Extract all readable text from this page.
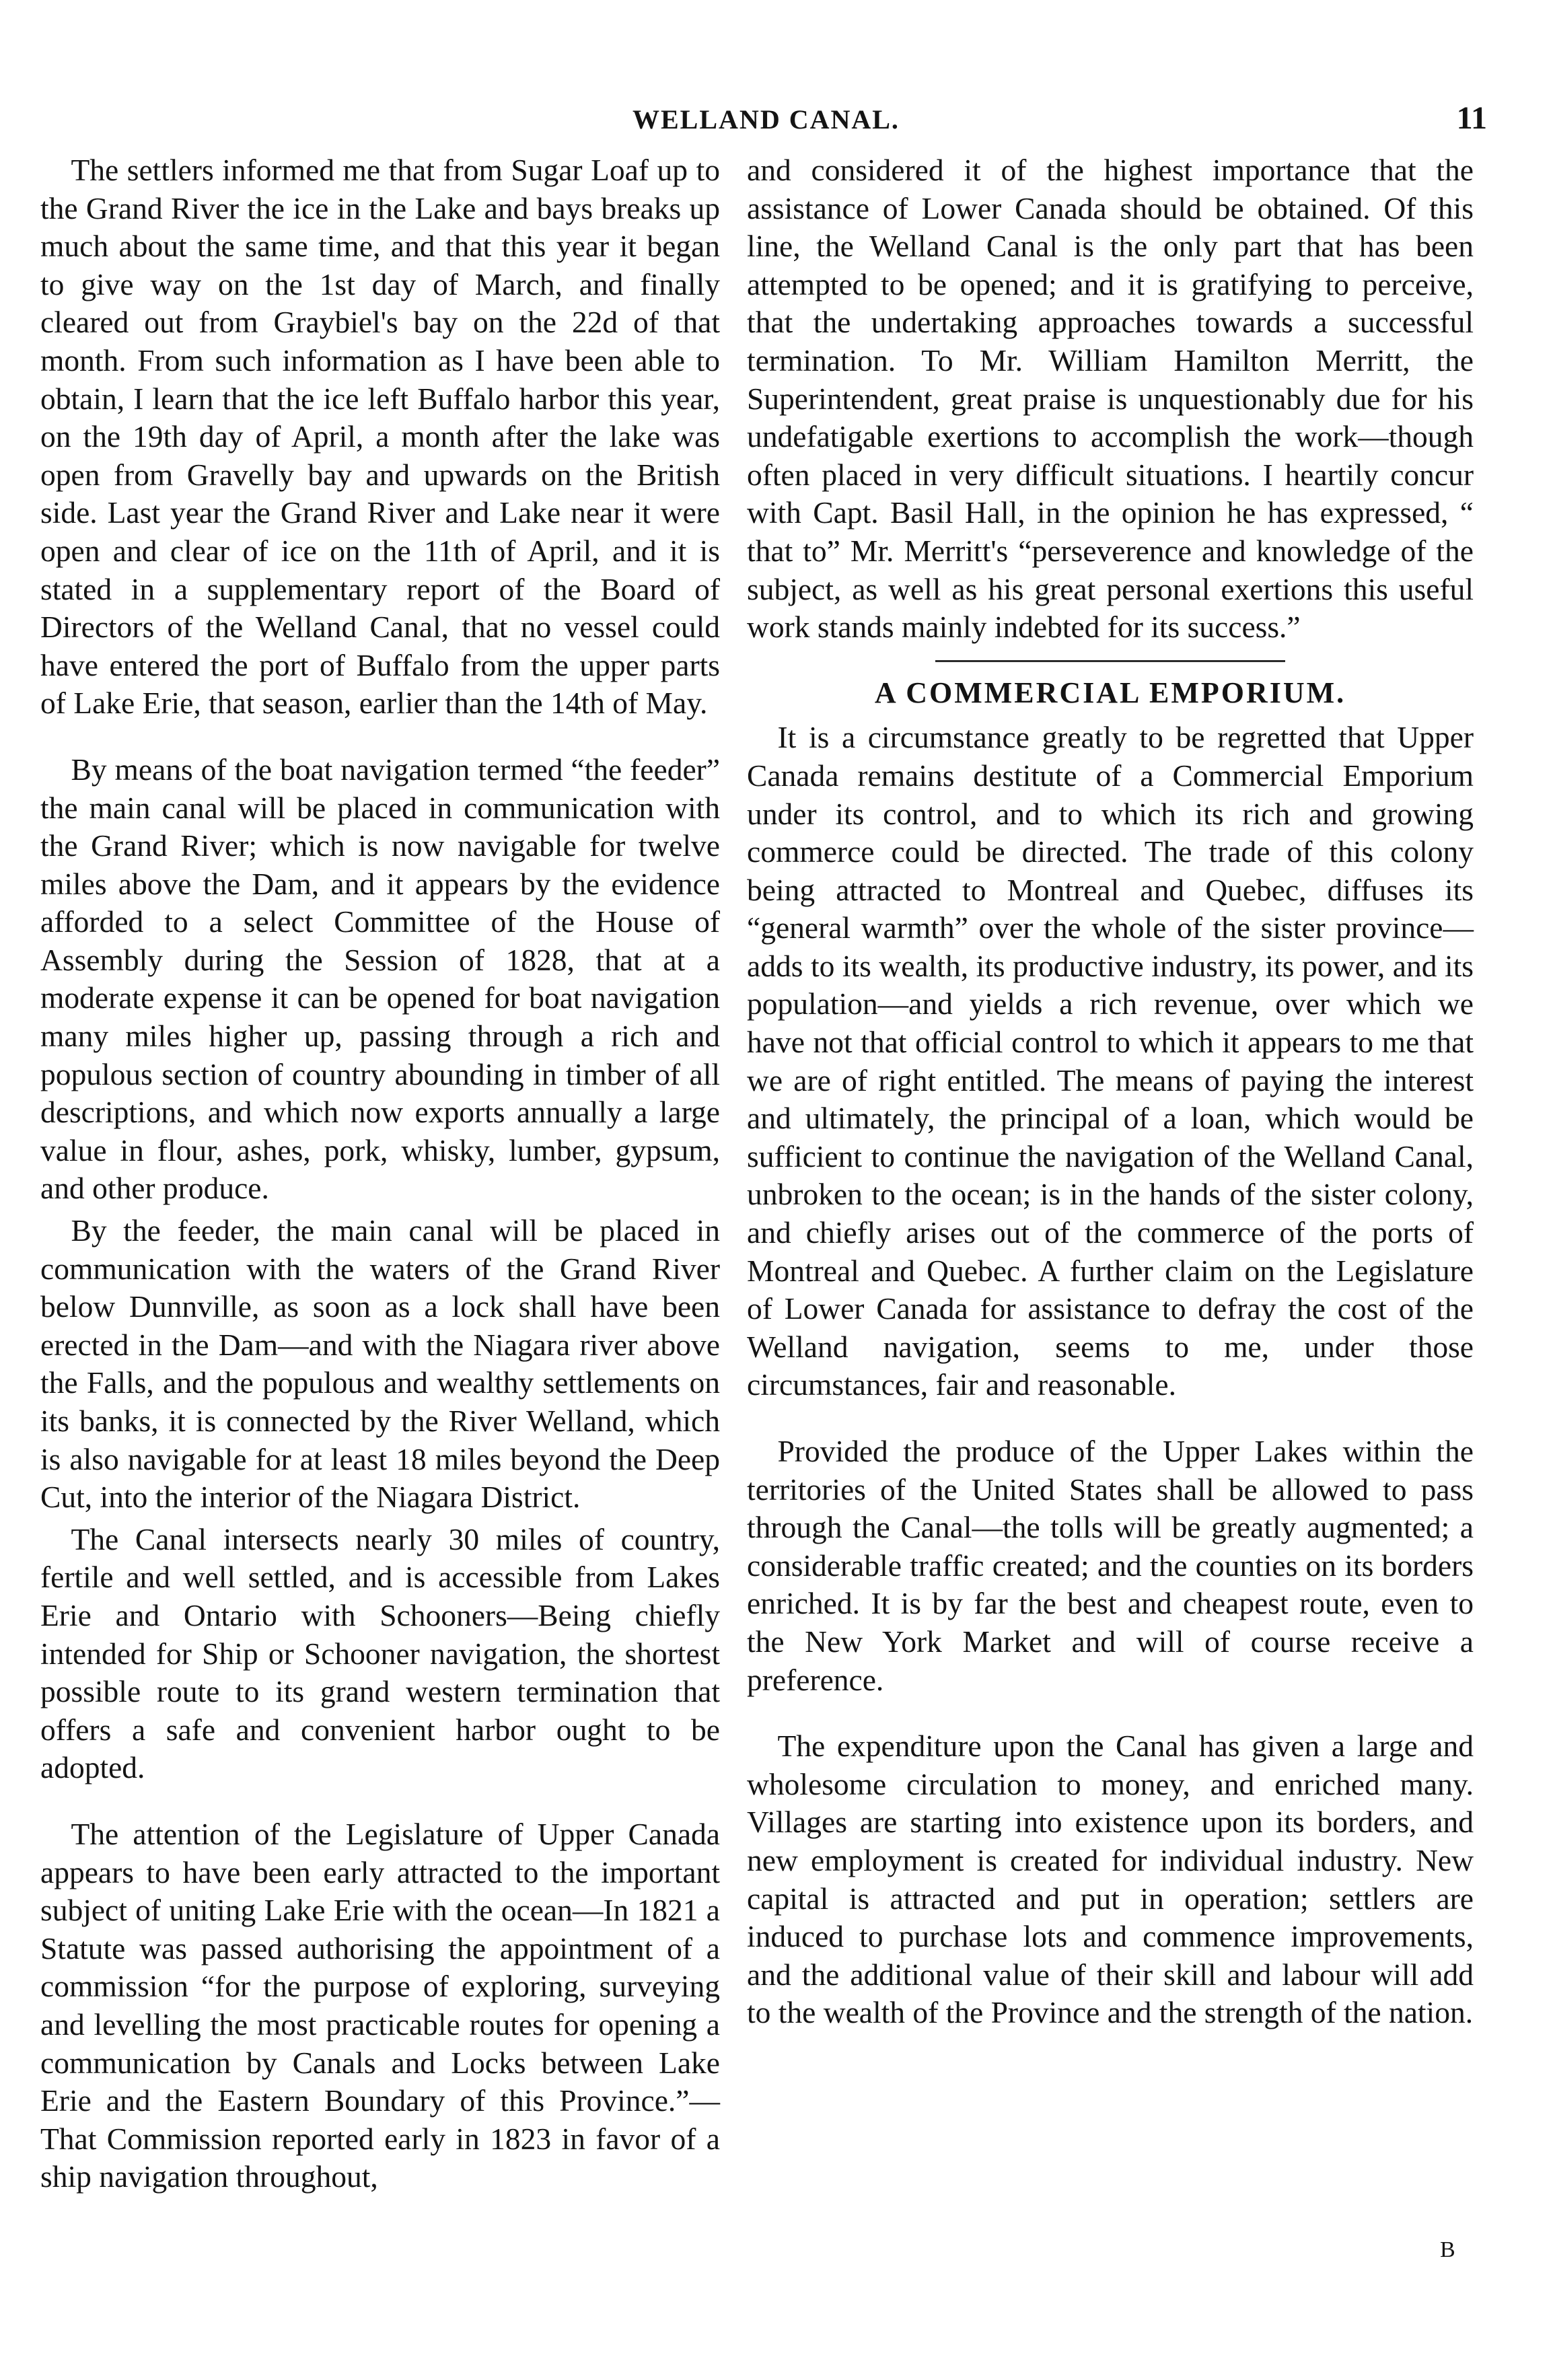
WELLAND CANAL.	11

The settlers informed me that from Sugar Loaf up to the Grand River the ice in the Lake and bays breaks up much about the same time, and that this year it began to give way on the 1st day of March, and finally cleared out from Graybiel's bay on the 22d of that month. From such information as I have been able to obtain, I learn that the ice left Buffalo harbor this year, on the 19th day of April, a month after the lake was open from Gravelly bay and upwards on the British side. Last year the Grand River and Lake near it were open and clear of ice on the 11th of April, and it is stated in a supplementary report of the Board of Directors of the Welland Canal, that no vessel could have entered the port of Buffalo from the upper parts of Lake Erie, that season, earlier than the 14th of May.

By means of the boat navigation termed “the feeder” the main canal will be placed in communication with the Grand River; which is now navigable for twelve miles above the Dam, and it appears by the evidence afforded to a select Committee of the House of Assembly during the Session of 1828, that at a moderate expense it can be opened for boat navigation many miles higher up, passing through a rich and populous section of country abounding in timber of all descriptions, and which now exports annually a large value in flour, ashes, pork, whisky, lumber, gypsum, and other produce.

By the feeder, the main canal will be placed in communication with the waters of the Grand River below Dunnville, as soon as a lock shall have been erected in the Dam—and with the Niagara river above the Falls, and the populous and wealthy settlements on its banks, it is connected by the River Welland, which is also navigable for at least 18 miles beyond the Deep Cut, into the interior of the Niagara District.

The Canal intersects nearly 30 miles of country, fertile and well settled, and is accessible from Lakes Erie and Ontario with Schooners—Being chiefly intended for Ship or Schooner navigation, the shortest possible route to its grand western termination that offers a safe and convenient harbor ought to be adopted.

The attention of the Legislature of Upper Canada appears to have been early attracted to the important subject of uniting Lake Erie with the ocean—In 1821 a Statute was passed authorising the appointment of a commission “for the purpose of exploring, surveying and levelling the most practicable routes for opening a communication by Canals and Locks between Lake Erie and the Eastern Boundary of this Province.”—That Commission reported early in 1823 in favor of a ship navigation throughout,

and considered it of the highest importance that the assistance of Lower Canada should be obtained. Of this line, the Welland Canal is the only part that has been attempted to be opened; and it is gratifying to perceive, that the undertaking approaches towards a successful termination. To Mr. William Hamilton Merritt, the Superintendent, great praise is unquestionably due for his undefatigable exertions to accomplish the work—though often placed in very difficult situations. I heartily concur with Capt. Basil Hall, in the opinion he has expressed, “ that to” Mr. Merritt's “perseverence and knowledge of the subject, as well as his great personal exertions this useful work stands mainly indebted for its success.”

A COMMERCIAL EMPORIUM.

It is a circumstance greatly to be regretted that Upper Canada remains destitute of a Commercial Emporium under its control, and to which its rich and growing commerce could be directed. The trade of this colony being attracted to Montreal and Quebec, diffuses its “general warmth” over the whole of the sister province—adds to its wealth, its productive industry, its power, and its population—and yields a rich revenue, over which we have not that official control to which it appears to me that we are of right entitled. The means of paying the interest and ultimately, the principal of a loan, which would be sufficient to continue the navigation of the Welland Canal, unbroken to the ocean; is in the hands of the sister colony, and chiefly arises out of the commerce of the ports of Montreal and Quebec. A further claim on the Legislature of Lower Canada for assistance to defray the cost of the Welland navigation, seems to me, under those circumstances, fair and reasonable.

Provided the produce of the Upper Lakes within the territories of the United States shall be allowed to pass through the Canal—the tolls will be greatly augmented; a considerable traffic created; and the counties on its borders enriched. It is by far the best and cheapest route, even to the New York Market and will of course receive a preference.

The expenditure upon the Canal has given a large and wholesome circulation to money, and enriched many. Villages are starting into existence upon its borders, and new employment is created for individual industry. New capital is attracted and put in operation; settlers are induced to purchase lots and commence improvements, and the additional value of their skill and labour will add to the wealth of the Province and the strength of the nation.

B
